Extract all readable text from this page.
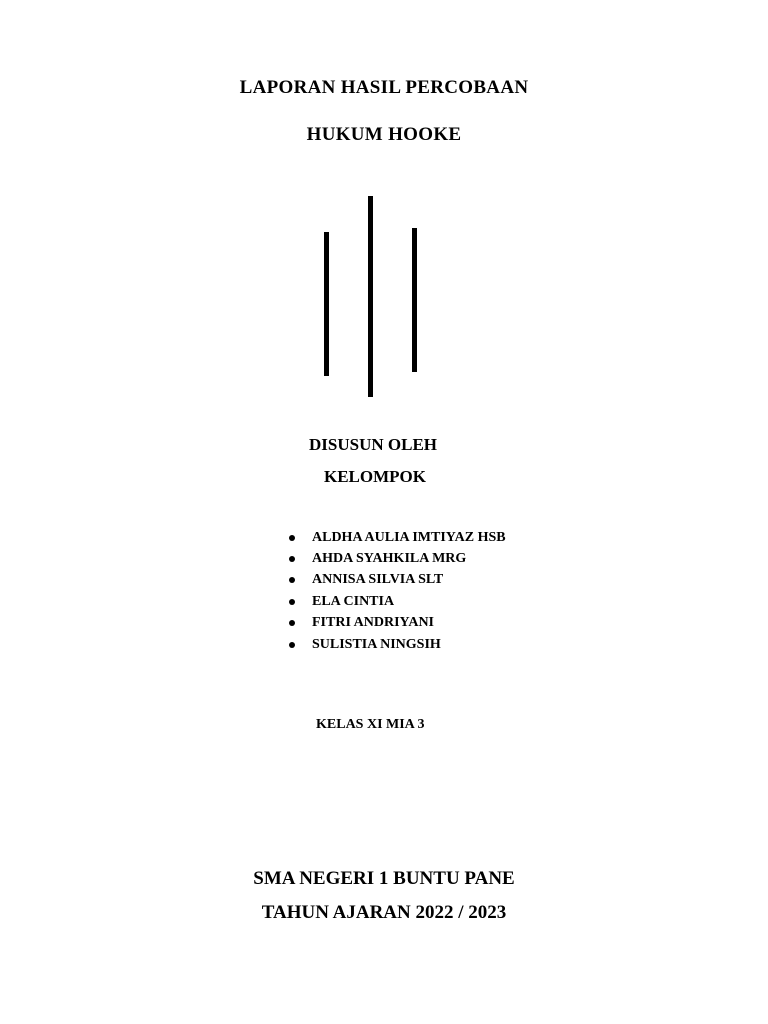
LAPORAN HASIL PERCOBAAN
HUKUM HOOKE
DISUSUN OLEH
KELOMPOK
ALDHA AULIA IMTIYAZ HSB
AHDA SYAHKILA MRG
ANNISA SILVIA SLT
ELA CINTIA
FITRI ANDRIYANI
SULISTIA NINGSIH
KELAS XI MIA 3
SMA NEGERI 1 BUNTU PANE
TAHUN AJARAN 2022 / 2023
